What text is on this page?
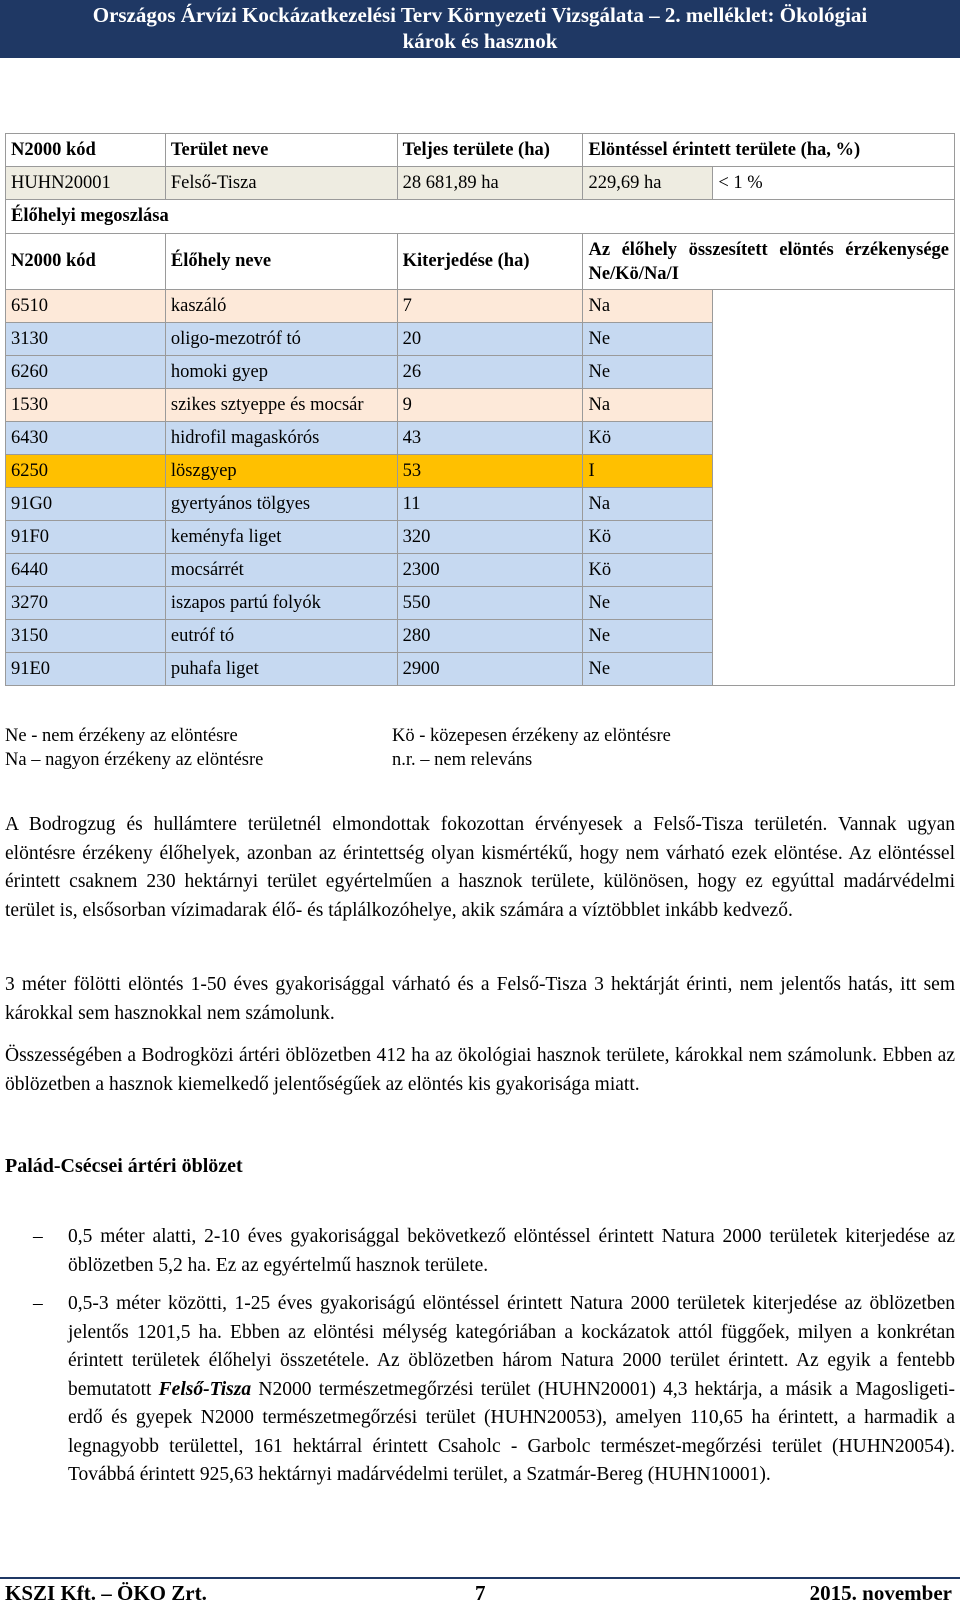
Országos Árvízi Kockázatkezelési Terv Környezeti Vizsgálata – 2. melléklet: Ökológiai
károk és hasznok
N2000 kód	Terület neve	Teljes területe (ha)	Elöntéssel érintett területe (ha, %)	
HUHN20001	Felső-Tisza	28 681,89 ha	229,69 ha	< 1 %
Élőhelyi megoszlása				
N2000 kód	Élőhely neve	Kiterjedése (ha)	Az élőhely összesített elöntés érzékenysége Ne/Kö/Na/I	
6510	kaszáló	7	Na	
3130	oligo-mezotróf tó	20	Ne	
6260	homoki gyep	26	Ne	
1530	szikes sztyeppe és mocsár	9	Na	
6430	hidrofil magaskórós	43	Kö	
6250	löszgyep	53	I	
91G0	gyertyános tölgyes	11	Na	
91F0	keményfa liget	320	Kö	
6440	mocsárrét	2300	Kö	
3270	iszapos partú folyók	550	Ne	
3150	eutróf tó	280	Ne	
91E0	puhafa liget	2900	Ne	
Ne - nem érzékeny az elöntésre
Na – nagyon érzékeny az elöntésre
Kö - közepesen érzékeny az elöntésre
n.r. – nem releváns
A Bodrogzug és hullámtere területnél elmondottak fokozottan érvényesek a Felső-Tisza területén. Vannak ugyan elöntésre érzékeny élőhelyek, azonban az érintettség olyan kismértékű, hogy nem várható ezek elöntése. Az elöntéssel érintett csaknem 230 hektárnyi terület egyértelműen a hasznok területe, különösen, hogy ez egyúttal madárvédelmi terület is, elsősorban vízimadarak élő- és táplálkozóhelye, akik számára a víztöbblet inkább kedvező.
3 méter fölötti elöntés 1-50 éves gyakorisággal várható és a Felső-Tisza 3 hektárját érinti, nem jelentős hatás, itt sem károkkal sem hasznokkal nem számolunk.
Összességében a Bodrogközi ártéri öblözetben 412 ha az ökológiai hasznok területe, károkkal nem számolunk. Ebben az öblözetben a hasznok kiemelkedő jelentőségűek az elöntés kis gyakorisága miatt.
Palád-Csécsei ártéri öblözet
– 0,5 méter alatti, 2-10 éves gyakorisággal bekövetkező elöntéssel érintett Natura 2000 területek kiterjedése az öblözetben 5,2 ha. Ez az egyértelmű hasznok területe.
– 0,5-3 méter közötti, 1-25 éves gyakoriságú elöntéssel érintett Natura 2000 területek kiterjedése az öblözetben jelentős 1201,5 ha. Ebben az elöntési mélység kategóriában a kockázatok attól függőek, milyen a konkrétan érintett területek élőhelyi összetétele. Az öblözetben három Natura 2000 terület érintett. Az egyik a fentebb bemutatott Felső-Tisza N2000 természetmegőrzési terület (HUHN20001) 4,3 hektárja, a másik a Magosligeti-erdő és gyepek N2000 természetmegőrzési terület (HUHN20053), amelyen 110,65 ha érintett, a harmadik a legnagyobb területtel, 161 hektárral érintett Csaholc - Garbolc természet-megőrzési terület (HUHN20054). Továbbá érintett 925,63 hektárnyi madárvédelmi terület, a Szatmár-Bereg (HUHN10001).
KSZI Kft. – ÖKO Zrt.	7	2015. november
